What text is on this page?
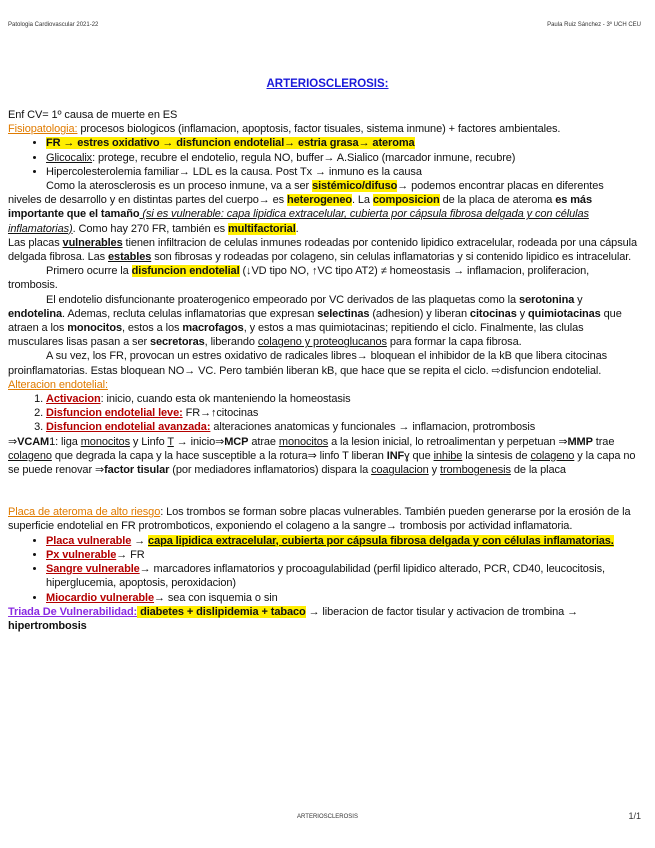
Patologia Cardiovascular 2021-22	Paula Ruiz Sánchez - 3º UCH CEU
ARTERIOSCLEROSIS:

Enf CV= 1º causa de muerte en ES

Fisiopatologia: procesos biologicos (inflamacion, apoptosis, factor tisuales, sistema inmune) + factores ambientales.

• FR → estres oxidativo → disfuncion endotelial→ estria grasa→ ateroma
• Glicocalix: protege, recubre el endotelio, regula NO, buffer→ A.Sialico (marcador inmune, recubre)
• Hipercolesterolemia familiar→ LDL es la causa. Post Tx → inmuno es la causa

Como la aterosclerosis es un proceso inmune, va a ser sistémico/difuso→ podemos encontrar placas en diferentes niveles de desarrollo y en distintas partes del cuerpo→ es heterogeneo. La composicion de la placa de ateroma es más importante que el tamaño (si es vulnerable: capa lipidica extracelular, cubierta por cápsula fibrosa delgada y con células inflamatorias). Como hay 270 FR, también es multifactorial.

Las placas vulnerables tienen infiltracion de celulas inmunes rodeadas por contenido lipidico extracelular, rodeada por una cápsula delgada fibrosa. Las estables son fibrosas y rodeadas por colageno, sin celulas inflamatorias y si contenido lipidico es intracelular.

Primero ocurre la disfuncion endotelial (↓VD tipo NO, ↑VC tipo AT2) ≠ homeostasis → inflamacion, proliferacion, trombosis.

El endotelio disfuncionante proaterogenico empeorado por VC derivados de las plaquetas como la serotonina y endotelina. Ademas, recluta celulas inflamatorias que expresan selectinas (adhesion) y liberan citocinas y quimiotacinas que atraen a los monocitos, estos a los macrofagos, y estos a mas quimiotacinas; repitiendo el ciclo. Finalmente, las clulas musculares lisas pasan a ser secretoras, liberando colageno y proteoglucanos para formar la capa fibrosa.

A su vez, los FR, provocan un estres oxidativo de radicales libres→ bloquean el inhibidor de la kB que libera citocinas proinflamatorias. Estas bloquean NO→ VC. Pero también liberan kB, que hace que se repita el ciclo. ⇨disfuncion endotelial.

Alteracion endotelial:

1. Activacion: inicio, cuando esta ok manteniendo la homeostasis
2. Disfuncion endotelial leve: FR→↑citocinas
3. Disfuncion endotelial avanzada: alteraciones anatomicas y funcionales → inflamacion, protrombosis

⇒VCAM1: liga monocitos y Linfo T → inicio⇒MCP atrae monocitos a la lesion inicial, lo retroalimentan y perpetuan ⇒MMP trae colageno que degrada la capa y la hace susceptible a la rotura⇒ linfo T liberan INFɣ que inhibe la sintesis de colageno y la capa no se puede renovar ⇒factor tisular (por mediadores inflamatorios) dispara la coagulacion y trombogenesis de la placa

Placa de ateroma de alto riesgo: Los trombos se forman sobre placas vulnerables. También pueden generarse por la erosión de la superficie endotelial en FR protromboticos, exponiendo el colageno a la sangre→ trombosis por actividad inflamatoria.

• Placa vulnerable → capa lipidica extracelular, cubierta por cápsula fibrosa delgada y con células inflamatorias.
• Px vulnerable→ FR
• Sangre vulnerable→ marcadores inflamatorios y procoagulabilidad (perfil lipidico alterado, PCR, CD40, leucocitosis, hiperglucemia, apoptosis, peroxidacion)
• Miocardio vulnerable→ sea con isquemia o sin

Triada De Vulnerabilidad: diabetes + dislipidemia + tabaco → liberacion de factor tisular y activacion de trombina → hipertrombosis

ARTERIOSCLEROSIS	1/1
